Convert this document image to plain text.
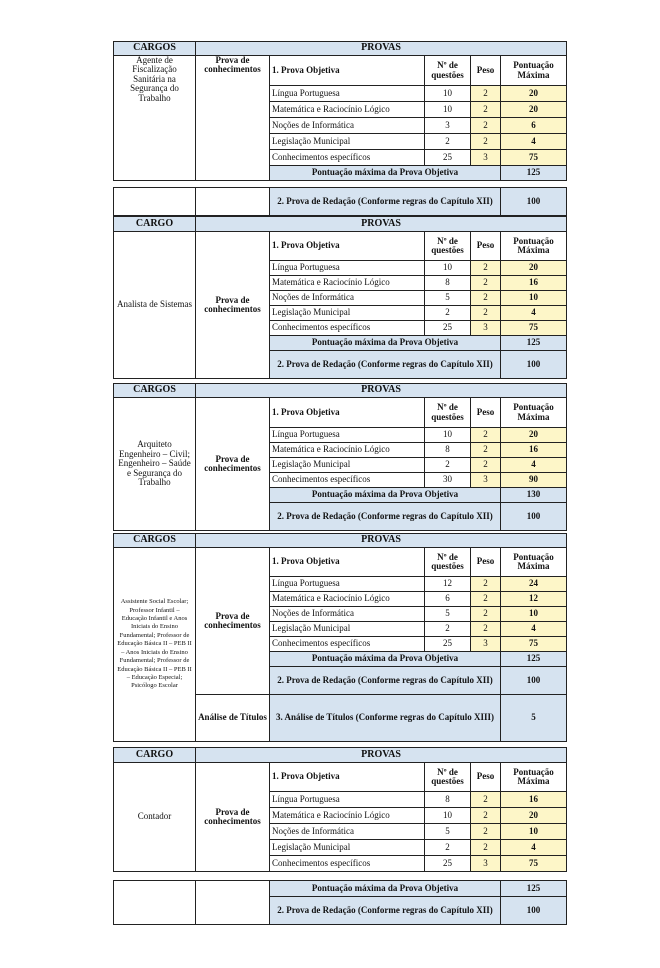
CARGOS	PROVAS				
Agente de Fiscalização Sanitária na Segurança do Trabalho	Prova de conhecimentos	1. Prova Objetiva	Nº de questões	Peso	Pontuação Máxima
		Língua Portuguesa	10	2	20
		Matemática e Raciocínio Lógico	10	2	20
		Noções de Informática	3	2	6
		Legislação Municipal	2	2	4
		Conhecimentos específicos	25	3	75
		Pontuação máxima da Prova Objetiva			125
		2. Prova de Redação (Conforme regras do Capítulo XII)	100
CARGO	PROVAS				
Analista de Sistemas	Prova de conhecimentos	1. Prova Objetiva	Nº de questões	Peso	Pontuação Máxima
		Língua Portuguesa	10	2	20
		Matemática e Raciocínio Lógico	8	2	16
		Noções de Informática	5	2	10
		Legislação Municipal	2	2	4
		Conhecimentos específicos	25	3	75
		Pontuação máxima da Prova Objetiva			125
		2. Prova de Redação (Conforme regras do Capítulo XII)			100
CARGOS	PROVAS				
Arquiteto Engenheiro – Civil; Engenheiro – Saúde e Segurança do Trabalho	Prova de conhecimentos	1. Prova Objetiva	Nº de questões	Peso	Pontuação Máxima
		Língua Portuguesa	10	2	20
		Matemática e Raciocínio Lógico	8	2	16
		Legislação Municipal	2	2	4
		Conhecimentos específicos	30	3	90
		Pontuação máxima da Prova Objetiva			130
		2. Prova de Redação (Conforme regras do Capítulo XII)			100
CARGOS	PROVAS				
Assistente Social Escolar; Professor Infantil – Educação Infantil e Anos Iniciais do Ensino Fundamental; Professor de Educação Básica II – PEB II – Anos Iniciais do Ensino Fundamental; Professor de Educação Básica II – PEB II – Educação Especial; Psicólogo Escolar	Prova de conhecimentos	1. Prova Objetiva	Nº de questões	Peso	Pontuação Máxima
		Língua Portuguesa	12	2	24
		Matemática e Raciocínio Lógico	6	2	12
		Noções de Informática	5	2	10
		Legislação Municipal	2	2	4
		Conhecimentos específicos	25	3	75
		Pontuação máxima da Prova Objetiva			125
		2. Prova de Redação (Conforme regras do Capítulo XII)			100
	Análise de Títulos	3. Análise de Títulos (Conforme regras do Capítulo XIII)			5
CARGO	PROVAS				
Contador	Prova de conhecimentos	1. Prova Objetiva	Nº de questões	Peso	Pontuação Máxima
		Língua Portuguesa	8	2	16
		Matemática e Raciocínio Lógico	10	2	20
		Noções de Informática	5	2	10
		Legislação Municipal	2	2	4
		Conhecimentos específicos	25	3	75
		Pontuação máxima da Prova Objetiva	125
		2. Prova de Redação (Conforme regras do Capítulo XII)	100
